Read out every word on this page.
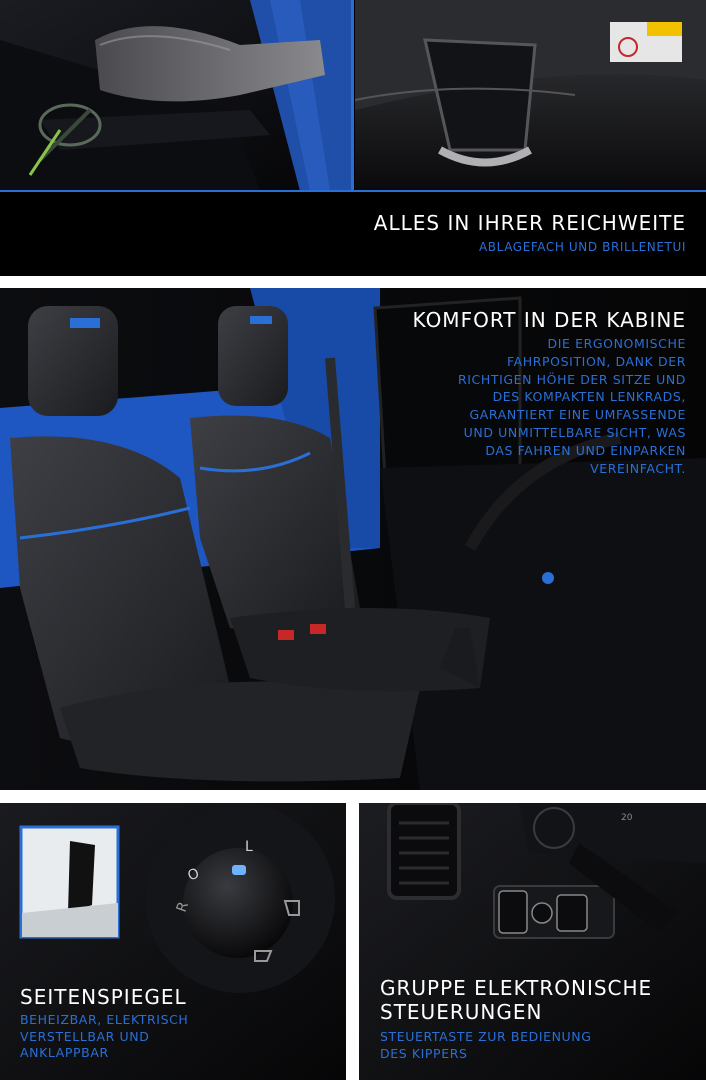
ALLES IN IHRER REICHWEITE

ABLAGEFACH UND BRILLENETUI

KOMFORT IN DER KABINE

DIE ERGONOMISCHE
FAHRPOSITION, DANK DER
RICHTIGEN HÖHE DER SITZE UND
DES KOMPAKTEN LENKRADS,
GARANTIERT EINE UMFASSENDE
UND UNMITTELBARE SICHT, WAS
DAS FAHREN UND EINPARKEN
VEREINFACHT.

L
O
R
SEITENSPIEGEL

BEHEIZBAR, ELEKTRISCH
VERSTELLBAR UND
ANKLAPPBAR

20
GRUPPE ELEKTRONISCHE
STEUERUNGEN

STEUERTASTE ZUR BEDIENUNG
DES KIPPERS
